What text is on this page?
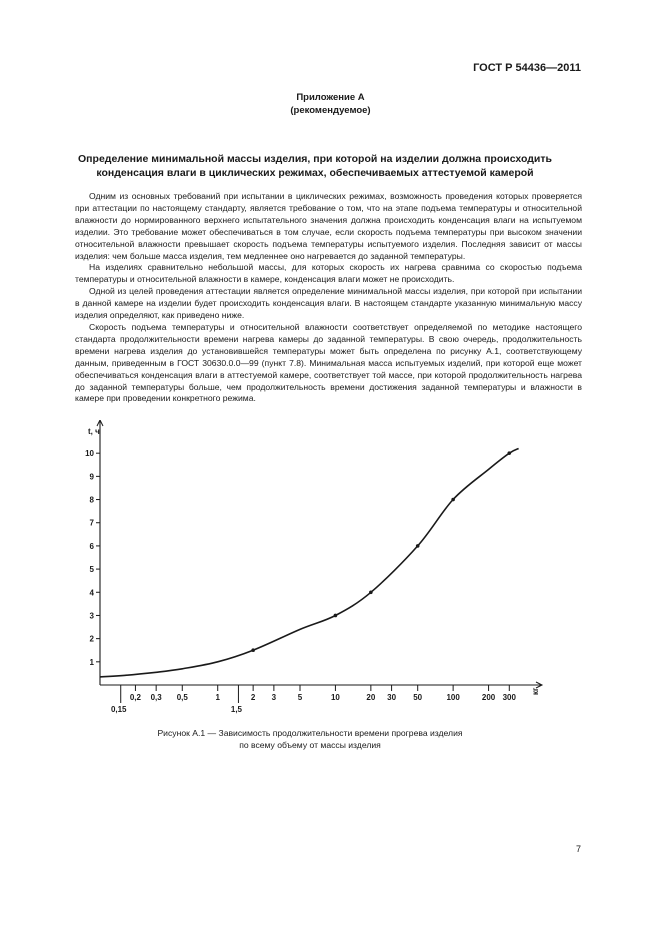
ГОСТ Р 54436—2011
Приложение А
(рекомендуемое)
Определение минимальной массы изделия, при которой на изделии должна происходить конденсация влаги в циклических режимах, обеспечиваемых аттестуемой камерой

Одним из основных требований при испытании в циклических режимах, возможность проведения которых проверяется при аттестации по настоящему стандарту, является требование о том, что на этапе подъема температуры и относительной влажности до нормированного верхнего испытательного значения должна происходить конденсация влаги на испытуемом изделии. Это требование может обеспечиваться в том случае, если скорость подъема температуры при высоком значении относительной влажности превышает скорость подъема температуры испытуемого изделия. Последняя зависит от массы изделия: чем больше масса изделия, тем медленнее оно нагревается до заданной температуры.

На изделиях сравнительно небольшой массы, для которых скорость их нагрева сравнима со скоростью подъема температуры и относительной влажности в камере, конденсация влаги может не происходить.

Одной из целей проведения аттестации является определение минимальной массы изделия, при которой при испытании в данной камере на изделии будет происходить конденсация влаги. В настоящем стандарте указанную минимальную массу изделия определяют, как приведено ниже.

Скорость подъема температуры и относительной влажности соответствует определяемой по методике настоящего стандарта продолжительности времени нагрева камеры до заданной температуры. В свою очередь, продолжительность времени нагрева изделия до установившейся температуры может быть определена по рисунку А.1, соответствующему данным, приведенным в ГОСТ 30630.0.0—99 (пункт 7.8). Минимальная масса испытуемых изделий, при которой еще может обеспечиваться конденсация влаги в аттестуемой камере, соответствует той массе, при которой продолжительность нагрева до заданной температуры больше, чем продолжительность времени достижения заданной температуры и влажности в камере при проведении конкретного режима.

1
2
3
4
5
6
7
8
9
10
0,2 0,3 0,5	1	2 3	5	10	20 30 50	100	200 300
0,15	1,5
t, ч
кг
Рисунок А.1 — Зависимость продолжительности времени прогрева изделия
по всему объему от массы изделия
7
